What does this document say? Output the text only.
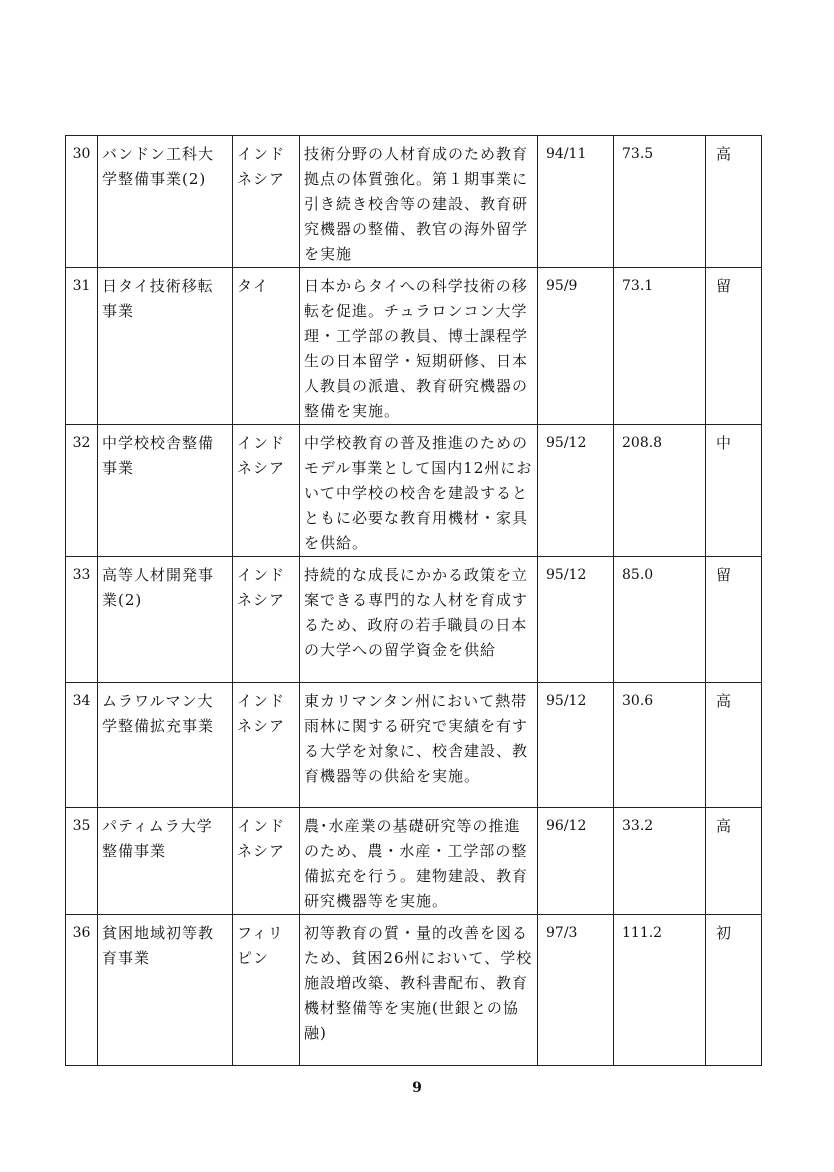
30	バンドン工科大学整備事業(2)	インドネシア	技術分野の人材育成のため教育拠点の体質強化。第１期事業に引き続き校舎等の建設、教育研究機器の整備、教官の海外留学を実施	94/11	73.5	高
31	日タイ技術移転事業	タイ	日本からタイへの科学技術の移転を促進。チュラロンコン大学理・工学部の教員、博士課程学生の日本留学・短期研修、日本人教員の派遣、教育研究機器の整備を実施。	95/9	73.1	留
32	中学校校舎整備事業	インドネシア	中学校教育の普及推進のためのモデル事業として国内12州において中学校の校舎を建設するとともに必要な教育用機材・家具を供給。	95/12	208.8	中
33	高等人材開発事業(2)	インドネシア	持続的な成長にかかる政策を立案できる専門的な人材を育成するため、政府の若手職員の日本の大学への留学資金を供給	95/12	85.0	留
34	ムラワルマン大学整備拡充事業	インドネシア	東カリマンタン州において熱帯雨林に関する研究で実績を有する大学を対象に、校舎建設、教育機器等の供給を実施。	95/12	30.6	高
35	パティムラ大学整備事業	インドネシア	農･水産業の基礎研究等の推進のため、農・水産・工学部の整備拡充を行う。建物建設、教育研究機器等を実施。	96/12	33.2	高
36	貧困地域初等教育事業	フィリピン	初等教育の質・量的改善を図るため、貧困26州において、学校施設増改築、教科書配布、教育機材整備等を実施(世銀との協融)	97/3	111.2	初
9
